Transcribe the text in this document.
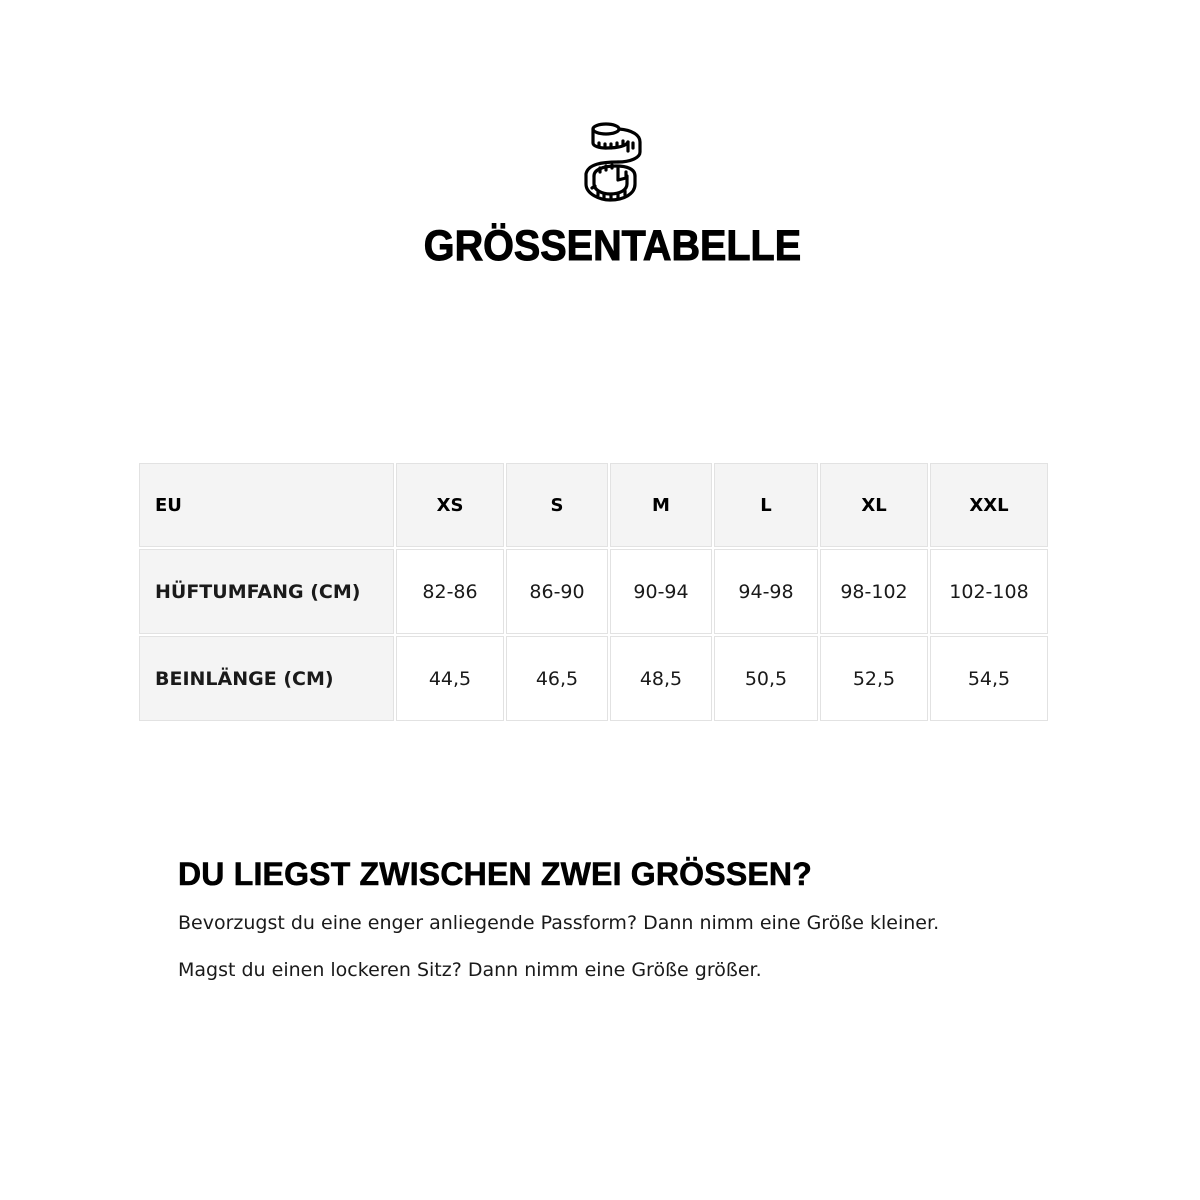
GRÖSSENTABELLE
EU	XS	S	M	L	XL	XXL
HÜFTUMFANG (CM)	82-86	86-90	90-94	94-98	98-102	102-108
BEINLÄNGE (CM)	44,5	46,5	48,5	50,5	52,5	54,5
DU LIEGST ZWISCHEN ZWEI GRÖSSEN?
Bevorzugst du eine enger anliegende Passform? Dann nimm eine Größe kleiner.
Magst du einen lockeren Sitz? Dann nimm eine Größe größer.
